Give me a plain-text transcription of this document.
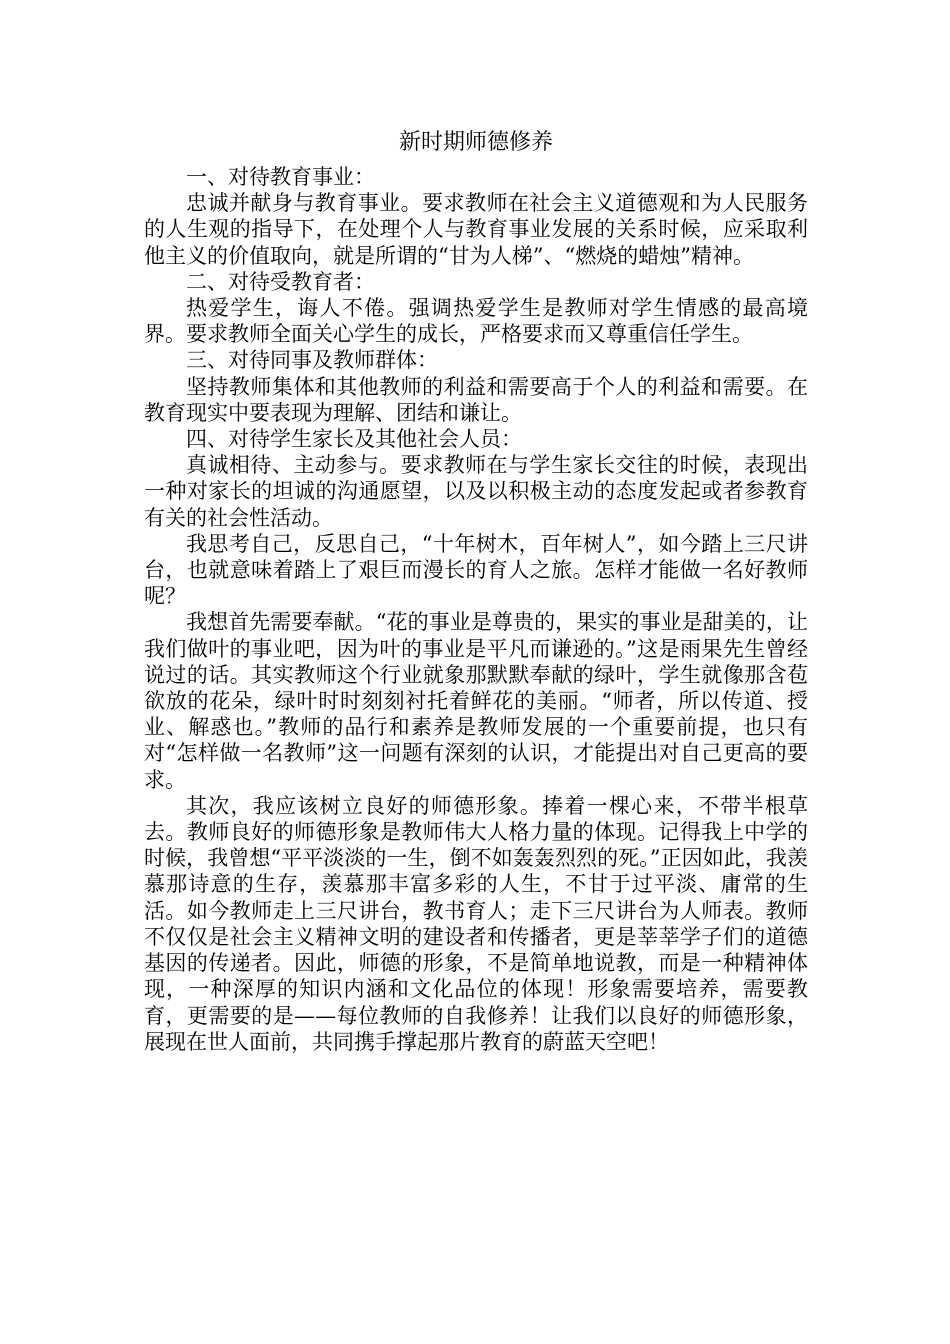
新时期师德修养

一、对待教育事业：

忠诚并献身与教育事业。要求教师在社会主义道德观和为人民服务的人生观的指导下，在处理个人与教育事业发展的关系时候，应采取利他主义的价值取向，就是所谓的“甘为人梯”、“燃烧的蜡烛”精神。

二、对待受教育者：

热爱学生，诲人不倦。强调热爱学生是教师对学生情感的最高境界。要求教师全面关心学生的成长，严格要求而又尊重信任学生。

三、对待同事及教师群体：

坚持教师集体和其他教师的利益和需要高于个人的利益和需要。在教育现实中要表现为理解、团结和谦让。

四、对待学生家长及其他社会人员：

真诚相待、主动参与。要求教师在与学生家长交往的时候，表现出一种对家长的坦诚的沟通愿望，以及以积极主动的态度发起或者参教育有关的社会性活动。

我思考自己，反思自己，“十年树木，百年树人”，如今踏上三尺讲台，也就意味着踏上了艰巨而漫长的育人之旅。怎样才能做一名好教师呢？

我想首先需要奉献。“花的事业是尊贵的，果实的事业是甜美的，让我们做叶的事业吧，因为叶的事业是平凡而谦逊的。”这是雨果先生曾经说过的话。其实教师这个行业就象那默默奉献的绿叶，学生就像那含苞欲放的花朵，绿叶时时刻刻衬托着鲜花的美丽。“师者，所以传道、授业、解惑也。”教师的品行和素养是教师发展的一个重要前提，也只有对“怎样做一名教师”这一问题有深刻的认识，才能提出对自己更高的要求。

其次，我应该树立良好的师德形象。捧着一棵心来，不带半根草去。教师良好的师德形象是教师伟大人格力量的体现。记得我上中学的时候，我曾想“平平淡淡的一生，倒不如轰轰烈烈的死。”正因如此，我羡慕那诗意的生存，羡慕那丰富多彩的人生，不甘于过平淡、庸常的生活。如今教师走上三尺讲台，教书育人；走下三尺讲台为人师表。教师不仅仅是社会主义精神文明的建设者和传播者，更是莘莘学子们的道德基因的传递者。因此，师德的形象，不是简单地说教，而是一种精神体现，一种深厚的知识内涵和文化品位的体现！形象需要培养，需要教育，更需要的是——每位教师的自我修养！让我们以良好的师德形象，展现在世人面前，共同携手撑起那片教育的蔚蓝天空吧！
